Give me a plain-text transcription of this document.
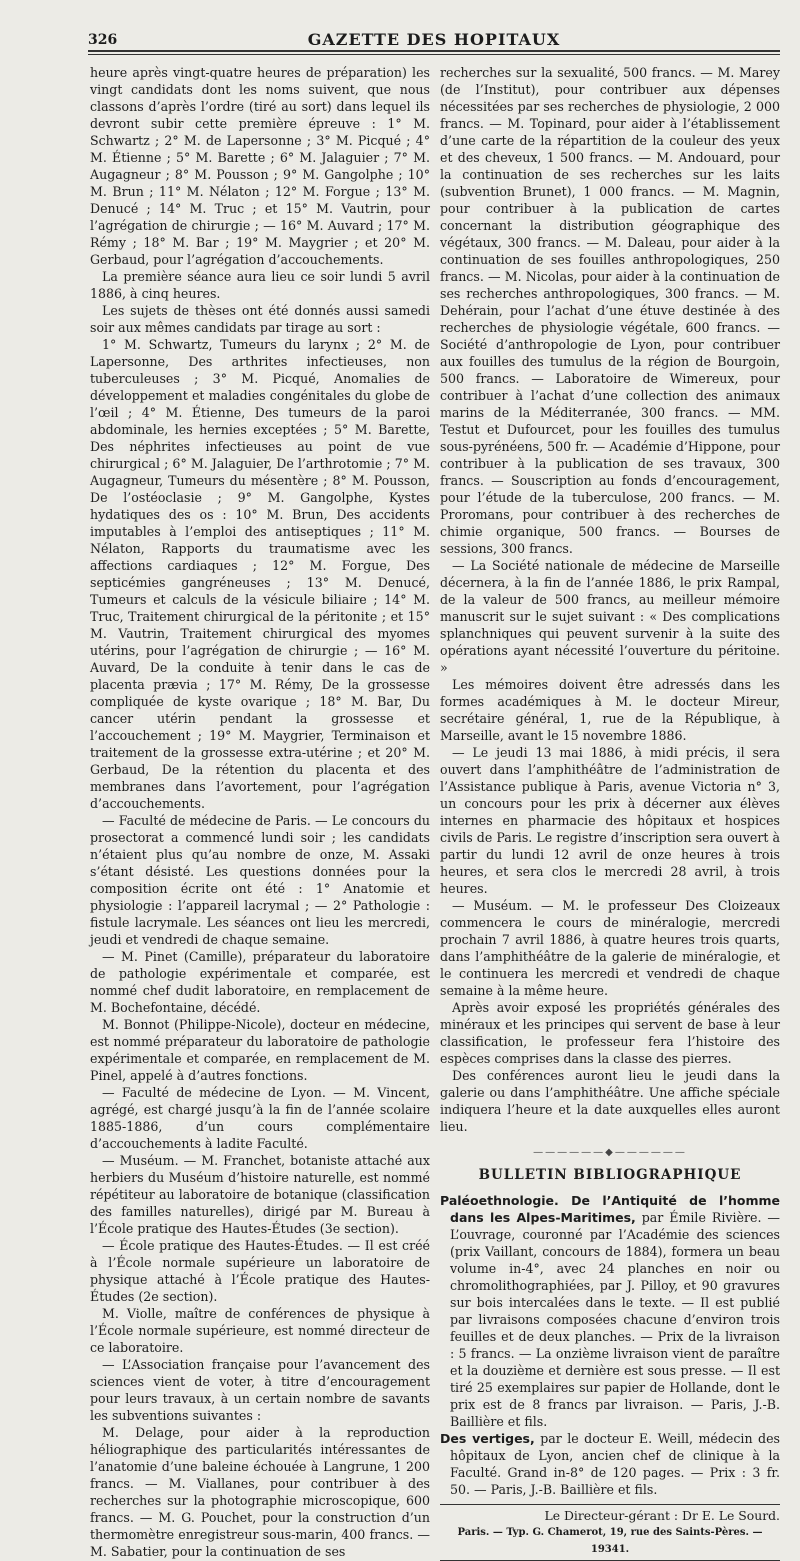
326	GAZETTE DES HOPITAUX

heure après vingt-quatre heures de préparation) les vingt candidats dont les noms suivent, que nous classons d’après l’ordre (tiré au sort) dans lequel ils devront subir cette première épreuve : 1° M. Schwartz ; 2° M. de Lapersonne ; 3° M. Picqué ; 4° M. Étienne ; 5° M. Barette ; 6° M. Jalaguier ; 7° M. Augagneur ; 8° M. Pousson ; 9° M. Gangolphe ; 10° M. Brun ; 11° M. Nélaton ; 12° M. Forgue ; 13° M. Denucé ; 14° M. Truc ; et 15° M. Vautrin, pour l’agrégation de chirurgie ; — 16° M. Auvard ; 17° M. Rémy ; 18° M. Bar ; 19° M. Maygrier ; et 20° M. Gerbaud, pour l’agrégation d’accouchements.

La première séance aura lieu ce soir lundi 5 avril 1886, à cinq heures.

Les sujets de thèses ont été donnés aussi samedi soir aux mêmes candidats par tirage au sort :

1° M. Schwartz, Tumeurs du larynx ; 2° M. de Lapersonne, Des arthrites infectieuses, non tuberculeuses ; 3° M. Picqué, Anomalies de développement et maladies congénitales du globe de l’œil ; 4° M. Étienne, Des tumeurs de la paroi abdominale, les hernies exceptées ; 5° M. Barette, Des néphrites infectieuses au point de vue chirurgical ; 6° M. Jalaguier, De l’arthrotomie ; 7° M. Augagneur, Tumeurs du mésentère ; 8° M. Pousson, De l’ostéoclasie ; 9° M. Gangolphe, Kystes hydatiques des os : 10° M. Brun, Des accidents imputables à l’emploi des antiseptiques ; 11° M. Nélaton, Rapports du traumatisme avec les affections cardiaques ; 12° M. Forgue, Des septicémies gangréneuses ; 13° M. Denucé, Tumeurs et calculs de la vésicule biliaire ; 14° M. Truc, Traitement chirurgical de la péritonite ; et 15° M. Vautrin, Traitement chirurgical des myomes utérins, pour l’agrégation de chirurgie ; — 16° M. Auvard, De la conduite à tenir dans le cas de placenta prævia ; 17° M. Rémy, De la grossesse compliquée de kyste ovarique ; 18° M. Bar, Du cancer utérin pendant la grossesse et l’accouchement ; 19° M. Maygrier, Terminaison et traitement de la grossesse extra-utérine ; et 20° M. Gerbaud, De la rétention du placenta et des membranes dans l’avortement, pour l’agrégation d’accouchements.

— Faculté de médecine de Paris. — Le concours du prosectorat a commencé lundi soir ; les candidats n’étaient plus qu’au nombre de onze, M. Assaki s’étant désisté. Les questions données pour la composition écrite ont été : 1° Anatomie et physiologie : l’appareil lacrymal ; — 2° Pathologie : fistule lacrymale. Les séances ont lieu les mercredi, jeudi et vendredi de chaque semaine.

— M. Pinet (Camille), préparateur du laboratoire de pathologie expérimentale et comparée, est nommé chef dudit laboratoire, en remplacement de M. Bochefontaine, décédé.

M. Bonnot (Philippe-Nicole), docteur en médecine, est nommé préparateur du laboratoire de pathologie expérimentale et comparée, en remplacement de M. Pinel, appelé à d’autres fonctions.

— Faculté de médecine de Lyon. — M. Vincent, agrégé, est chargé jusqu’à la fin de l’année scolaire 1885-1886, d’un cours complémentaire d’accouchements à ladite Faculté.

— Muséum. — M. Franchet, botaniste attaché aux herbiers du Muséum d’histoire naturelle, est nommé répétiteur au laboratoire de botanique (classification des familles naturelles), dirigé par M. Bureau à l’École pratique des Hautes-Études (3e section).

— École pratique des Hautes-Études. — Il est créé à l’École normale supérieure un laboratoire de physique attaché à l’École pratique des Hautes-Études (2e section).

M. Violle, maître de conférences de physique à l’École normale supérieure, est nommé directeur de ce laboratoire.

— L’Association française pour l’avancement des sciences vient de voter, à titre d’encouragement pour leurs travaux, à un certain nombre de savants les subventions suivantes :

M. Delage, pour aider à la reproduction héliographique des particularités intéressantes de l’anatomie d’une baleine échouée à Langrune, 1 200 francs. — M. Viallanes, pour contribuer à des recherches sur la photographie microscopique, 600 francs. — M. G. Pouchet, pour la construction d’un thermomètre enregistreur sous-marin, 400 francs. — M. Sabatier, pour la continuation de ses

recherches sur la sexualité, 500 francs. — M. Marey (de l’Institut), pour contribuer aux dépenses nécessitées par ses recherches de physiologie, 2 000 francs. — M. Topinard, pour aider à l’établissement d’une carte de la répartition de la couleur des yeux et des cheveux, 1 500 francs. — M. Andouard, pour la continuation de ses recherches sur les laits (subvention Brunet), 1 000 francs. — M. Magnin, pour contribuer à la publication de cartes concernant la distribution géographique des végétaux, 300 francs. — M. Daleau, pour aider à la continuation de ses fouilles anthropologiques, 250 francs. — M. Nicolas, pour aider à la continuation de ses recherches anthropologiques, 300 francs. — M. Dehérain, pour l’achat d’une étuve destinée à des recherches de physiologie végétale, 600 francs. — Société d’anthropologie de Lyon, pour contribuer aux fouilles des tumulus de la région de Bourgoin, 500 francs. — Laboratoire de Wimereux, pour contribuer à l’achat d’une collection des animaux marins de la Méditerranée, 300 francs. — MM. Testut et Dufourcet, pour les fouilles des tumulus sous-pyrénéens, 500 fr. — Académie d’Hippone, pour contribuer à la publication de ses travaux, 300 francs. — Souscription au fonds d’encouragement, pour l’étude de la tuberculose, 200 francs. — M. Proromans, pour contribuer à des recherches de chimie organique, 500 francs. — Bourses de sessions, 300 francs.

— La Société nationale de médecine de Marseille décernera, à la fin de l’année 1886, le prix Rampal, de la valeur de 500 francs, au meilleur mémoire manuscrit sur le sujet suivant : « Des complications splanchniques qui peuvent survenir à la suite des opérations ayant nécessité l’ouverture du péritoine. »

Les mémoires doivent être adressés dans les formes académiques à M. le docteur Mireur, secrétaire général, 1, rue de la République, à Marseille, avant le 15 novembre 1886.

— Le jeudi 13 mai 1886, à midi précis, il sera ouvert dans l’amphithéâtre de l’administration de l’Assistance publique à Paris, avenue Victoria n° 3, un concours pour les prix à décerner aux élèves internes en pharmacie des hôpitaux et hospices civils de Paris. Le registre d’inscription sera ouvert à partir du lundi 12 avril de onze heures à trois heures, et sera clos le mercredi 28 avril, à trois heures.

— Muséum. — M. le professeur Des Cloizeaux commencera le cours de minéralogie, mercredi prochain 7 avril 1886, à quatre heures trois quarts, dans l’amphithéâtre de la galerie de minéralogie, et le continuera les mercredi et vendredi de chaque semaine à la même heure.

Après avoir exposé les propriétés générales des minéraux et les principes qui servent de base à leur classification, le professeur fera l’histoire des espèces comprises dans la classe des pierres.

Des conférences auront lieu le jeudi dans la galerie ou dans l’amphithéâtre. Une affiche spéciale indiquera l’heure et la date auxquelles elles auront lieu.

——————◆——————
BULLETIN BIBLIOGRAPHIQUE

Paléoethnologie. De l’Antiquité de l’homme dans les Alpes-Maritimes, par Émile Rivière. — L’ouvrage, couronné par l’Académie des sciences (prix Vaillant, concours de 1884), formera un beau volume in-4°, avec 24 planches en noir ou chromolithographiées, par J. Pilloy, et 90 gravures sur bois intercalées dans le texte. — Il est publié par livraisons composées chacune d’environ trois feuilles et de deux planches. — Prix de la livraison : 5 francs. — La onzième livraison vient de paraître et la douzième et dernière est sous presse. — Il est tiré 25 exemplaires sur papier de Hollande, dont le prix est de 8 francs par livraison. — Paris, J.-B. Baillière et fils.

Des vertiges, par le docteur E. Weill, médecin des hôpitaux de Lyon, ancien chef de clinique à la Faculté. Grand in-8° de 120 pages. — Prix : 3 fr. 50. — Paris, J.-B. Baillière et fils.

Le Directeur-gérant : Dr E. Le Sourd.
Paris. — Typ. G. Chamerot, 19, rue des Saints-Pères. — 19341.
